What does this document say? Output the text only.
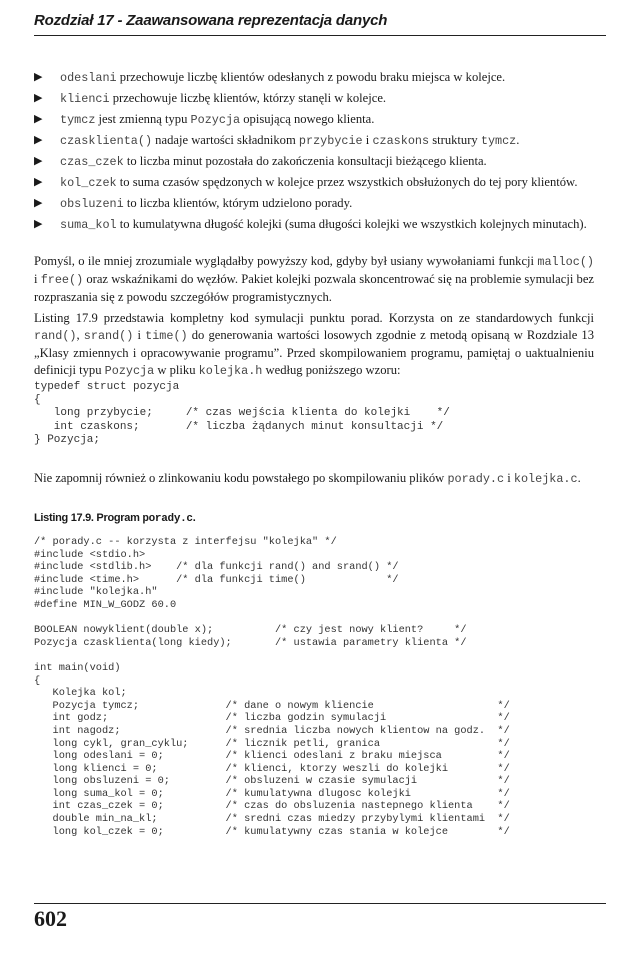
Rozdział 17 - Zaawansowana reprezentacja danych
▶ odeslani przechowuje liczbę klientów odesłanych z powodu braku miejsca w kolejce.
▶ klienci przechowuje liczbę klientów, którzy stanęli w kolejce.
▶ tymcz jest zmienną typu Pozycja opisującą nowego klienta.
▶ czasklienta() nadaje wartości składnikom przybycie i czaskons struktury tymcz.
▶ czas_czek to liczba minut pozostała do zakończenia konsultacji bieżącego klienta.
▶ kol_czek to suma czasów spędzonych w kolejce przez wszystkich obsłużonych do tej pory klientów.
▶ obsluzeni to liczba klientów, którym udzielono porady.
▶ suma_kol to kumulatywna długość kolejki (suma długości kolejki we wszystkich kolejnych minutach).
Pomyśl, o ile mniej zrozumiale wyglądałby powyższy kod, gdyby był usiany wywołaniami funkcji malloc() i free() oraz wskaźnikami do węzłów. Pakiet kolejki pozwala skoncentrować się na problemie symulacji bez rozpraszania się z powodu szczegółów programistycznych.
Listing 17.9 przedstawia kompletny kod symulacji punktu porad. Korzysta on ze standardowych funkcji rand(), srand() i time() do generowania wartości losowych zgodnie z metodą opisaną w Rozdziale 13 „Klasy zmiennych i opracowywanie programu”. Przed skompilowaniem programu, pamiętaj o uaktualnieniu definicji typu Pozycja w pliku kolejka.h według poniższego wzoru:
typedef struct pozycja
{
long przybycie;     /* czas wejścia klienta do kolejki    */
int czaskons;       /* liczba żądanych minut konsultacji */
} Pozycja;
Nie zapomnij również o zlinkowaniu kodu powstałego po skompilowaniu plików porady.c i kolejka.c.
Listing 17.9. Program porady.c.
/* porady.c -- korzysta z interfejsu "kolejka" */
#include <stdio.h>
#include <stdlib.h>    /* dla funkcji rand() and srand() */
#include <time.h>      /* dla funkcji time()             */
#include "kolejka.h"
#define MIN_W_GODZ 60.0

BOOLEAN nowyklient(double x);          /* czy jest nowy klient?     */
Pozycja czasklienta(long kiedy);       /* ustawia parametry klienta */

int main(void)
{
Kolejka kol;
Pozycja tymcz;              /* dane o nowym kliencie                    */
int godz;                   /* liczba godzin symulacji                  */
int nagodz;                 /* srednia liczba nowych klientow na godz.  */
long cykl, gran_cyklu;      /* licznik petli, granica                   */
long odeslani = 0;          /* klienci odeslani z braku miejsca         */
long klienci = 0;           /* klienci, ktorzy weszli do kolejki        */
long obsluzeni = 0;         /* obsluzeni w czasie symulacji             */
long suma_kol = 0;          /* kumulatywna dlugosc kolejki              */
int czas_czek = 0;          /* czas do obsluzenia nastepnego klienta    */
double min_na_kl;           /* sredni czas miedzy przybylymi klientami  */
long kol_czek = 0;          /* kumulatywny czas stania w kolejce        */
602
